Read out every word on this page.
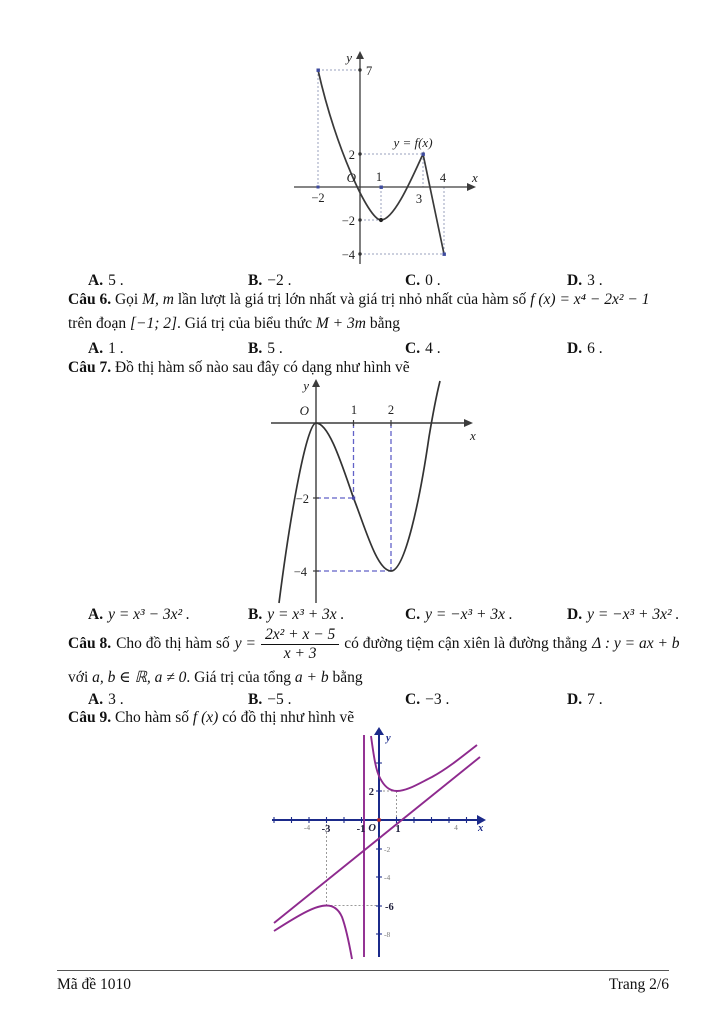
y
7
y = f(x)
2
O 1	x
−2	3
4
−2
−4
A. 5 .	B. −2 .	C. 0 .	D. 3 .
Câu 6. Gọi M, m lần lượt là giá trị lớn nhất và giá trị nhỏ nhất của hàm số f (x) = x⁴ − 2x² − 1
trên đoạn [−1; 2]. Giá trị của biểu thức M + 3m bằng
A. 1 .	B. 5 .	C. 4 .	D. 6 .
Câu 7. Đồ thị hàm số nào sau đây có dạng như hình vẽ
y
O	1 2
x
−2
−4
A. y = x³ − 3x² .	B. y = x³ + 3x .	C. y = −x³ + 3x .	D. y = −x³ + 3x² .
Câu 8. Cho đồ thị hàm số $y = \frac{\text{2x² + x − 5}}{x + 3}$ có đường tiệm cận xiên là đường thẳng Δ : y = ax + b
với a, b ∈ ℝ, a ≠ 0. Giá trị của tổng a + b bằng
A. 3 .	B. −5 .	C. −3 .	D. 7 .
Câu 9. Cho hàm số f (x) có đồ thị như hình vẽ
y
x
O
-3	-1	1
-4	4
2
-6
-2
-4
-8
Mã đề 1010	Trang 2/6
